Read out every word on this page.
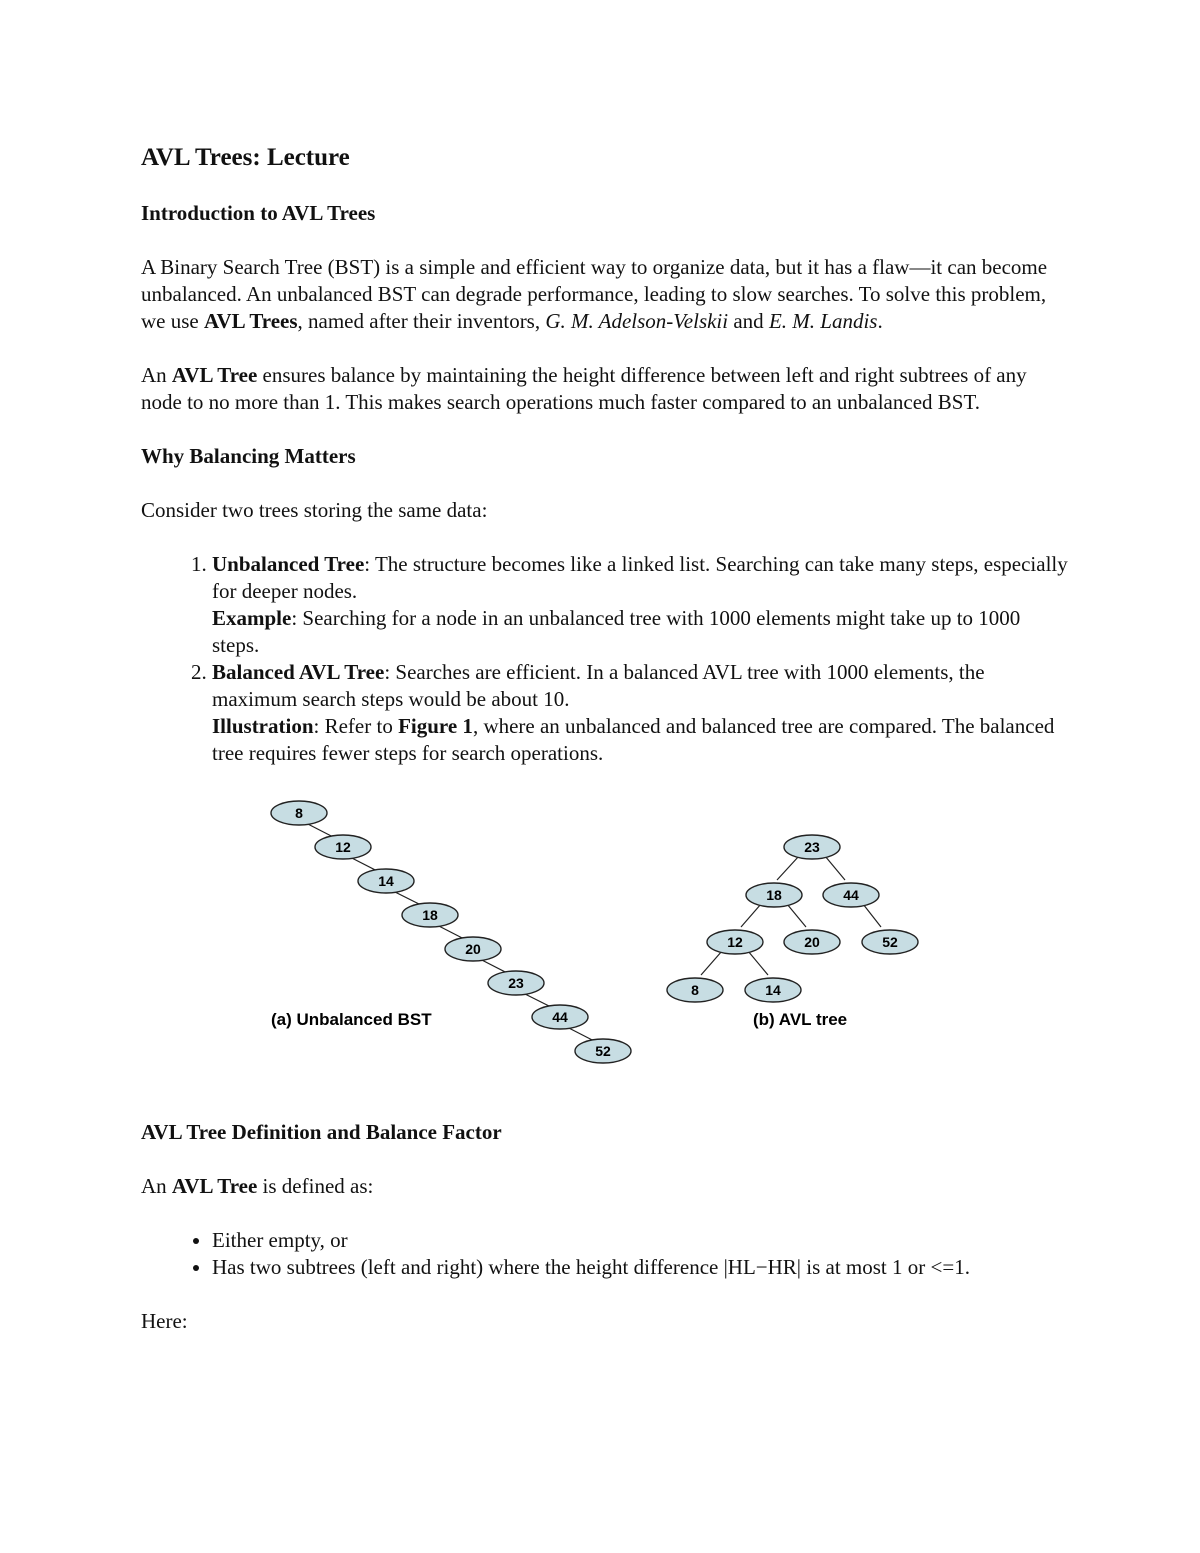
AVL Trees: Lecture
Introduction to AVL Trees

A Binary Search Tree (BST) is a simple and efficient way to organize data, but it has a flaw—it can become unbalanced. An unbalanced BST can degrade performance, leading to slow searches. To solve this problem, we use AVL Trees, named after their inventors, G. M. Adelson-Velskii and E. M. Landis.

An AVL Tree ensures balance by maintaining the height difference between left and right subtrees of any node to no more than 1. This makes search operations much faster compared to an unbalanced BST.

Why Balancing Matters

Consider two trees storing the same data:

1. Unbalanced Tree: The structure becomes like a linked list. Searching can take many steps, especially for deeper nodes.
Example: Searching for a node in an unbalanced tree with 1000 elements might take up to 1000 steps.
2. Balanced AVL Tree: Searches are efficient. In a balanced AVL tree with 1000 elements, the maximum search steps would be about 10.
Illustration: Refer to Figure 1, where an unbalanced and balanced tree are compared. The balanced tree requires fewer steps for search operations.
8
12
14
18
20
23
44
52
(a) Unbalanced BST
23
18	44
12	20	52
8	14
(b) AVL tree
AVL Tree Definition and Balance Factor

An AVL Tree is defined as:

• Either empty, or
• Has two subtrees (left and right) where the height difference |HL−HR| is at most 1 or <=1.

Here:
